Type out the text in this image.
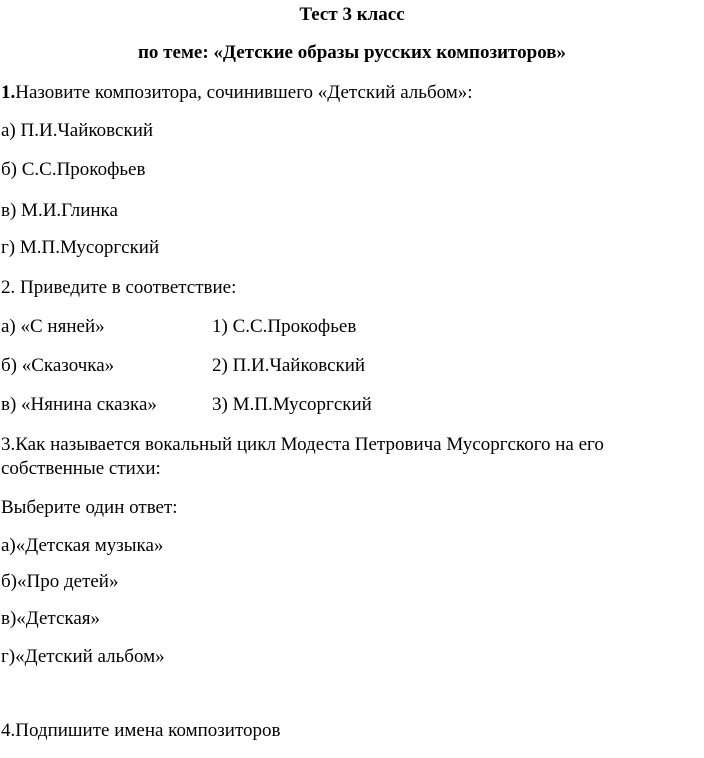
Тест 3 класс
по теме: «Детские образы русских композиторов»
1.Назовите композитора, сочинившего «Детский альбом»:
а) П.И.Чайковский
б) С.С.Прокофьев
в) М.И.Глинка
г) М.П.Мусоргский
2. Приведите в соответствие:
а) «С няней»	1) С.С.Прокофьев
б) «Сказочка»	2) П.И.Чайковский
в) «Нянина сказка»	3) М.П.Мусоргский
3.Как называется вокальный цикл Модеста Петровича Мусоргского на его
собственные стихи:
Выберите один ответ:
а)«Детская музыка»
б)«Про детей»
в)«Детская»
г)«Детский альбом»
4.Подпишите имена композиторов
